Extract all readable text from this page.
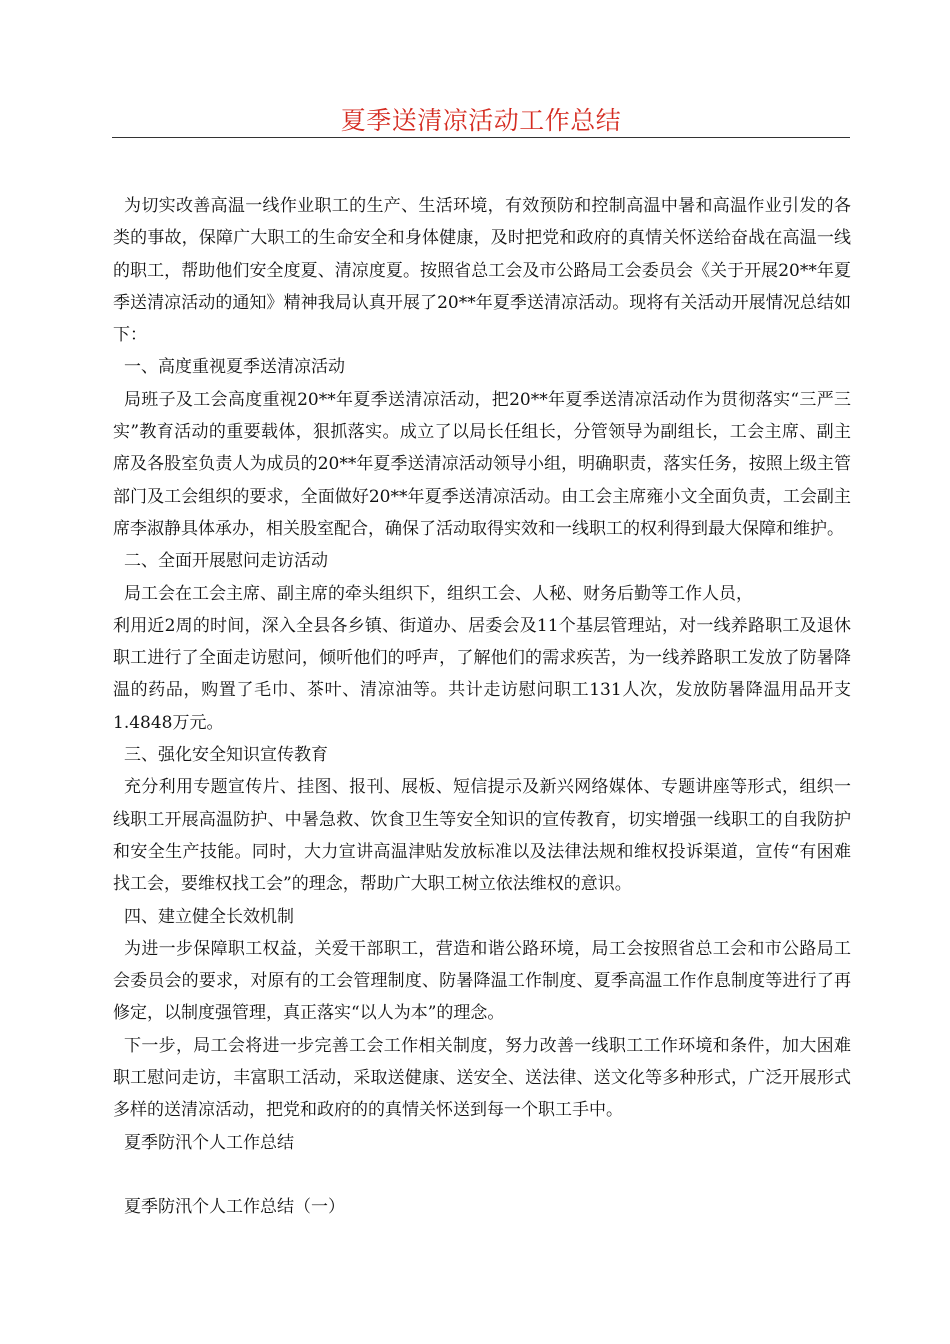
夏季送清凉活动工作总结

为切实改善高温一线作业职工的生产、生活环境，有效预防和控制高温中暑和高温作业引发的各类的事故，保障广大职工的生命安全和身体健康，及时把党和政府的真情关怀送给奋战在高温一线的职工，帮助他们安全度夏、清凉度夏。按照省总工会及市公路局工会委员会《关于开展20**年夏季送清凉活动的通知》精神我局认真开展了20**年夏季送清凉活动。现将有关活动开展情况总结如下：

一、高度重视夏季送清凉活动

局班子及工会高度重视20**年夏季送清凉活动，把20**年夏季送清凉活动作为贯彻落实“三严三实”教育活动的重要载体，狠抓落实。成立了以局长任组长，分管领导为副组长，工会主席、副主席及各股室负责人为成员的20**年夏季送清凉活动领导小组，明确职责，落实任务，按照上级主管部门及工会组织的要求，全面做好20**年夏季送清凉活动。由工会主席雍小文全面负责，工会副主席李淑静具体承办，相关股室配合，确保了活动取得实效和一线职工的权利得到最大保障和维护。

二、全面开展慰问走访活动

局工会在工会主席、副主席的牵头组织下，组织工会、人秘、财务后勤等工作人员，

利用近2周的时间，深入全县各乡镇、街道办、居委会及11个基层管理站，对一线养路职工及退休职工进行了全面走访慰问，倾听他们的呼声，了解他们的需求疾苦，为一线养路职工发放了防暑降温的药品，购置了毛巾、茶叶、清凉油等。共计走访慰问职工131人次，发放防暑降温用品开支1.4848万元。

三、强化安全知识宣传教育

充分利用专题宣传片、挂图、报刊、展板、短信提示及新兴网络媒体、专题讲座等形式，组织一线职工开展高温防护、中暑急救、饮食卫生等安全知识的宣传教育，切实增强一线职工的自我防护和安全生产技能。同时，大力宣讲高温津贴发放标准以及法律法规和维权投诉渠道，宣传“有困难找工会，要维权找工会”的理念，帮助广大职工树立依法维权的意识。

四、建立健全长效机制

为进一步保障职工权益，关爱干部职工，营造和谐公路环境，局工会按照省总工会和市公路局工会委员会的要求，对原有的工会管理制度、防暑降温工作制度、夏季高温工作作息制度等进行了再修定，以制度强管理，真正落实“以人为本”的理念。

下一步，局工会将进一步完善工会工作相关制度，努力改善一线职工工作环境和条件，加大困难职工慰问走访，丰富职工活动，采取送健康、送安全、送法律、送文化等多种形式，广泛开展形式多样的送清凉活动，把党和政府的的真情关怀送到每一个职工手中。

夏季防汛个人工作总结

夏季防汛个人工作总结（一）
